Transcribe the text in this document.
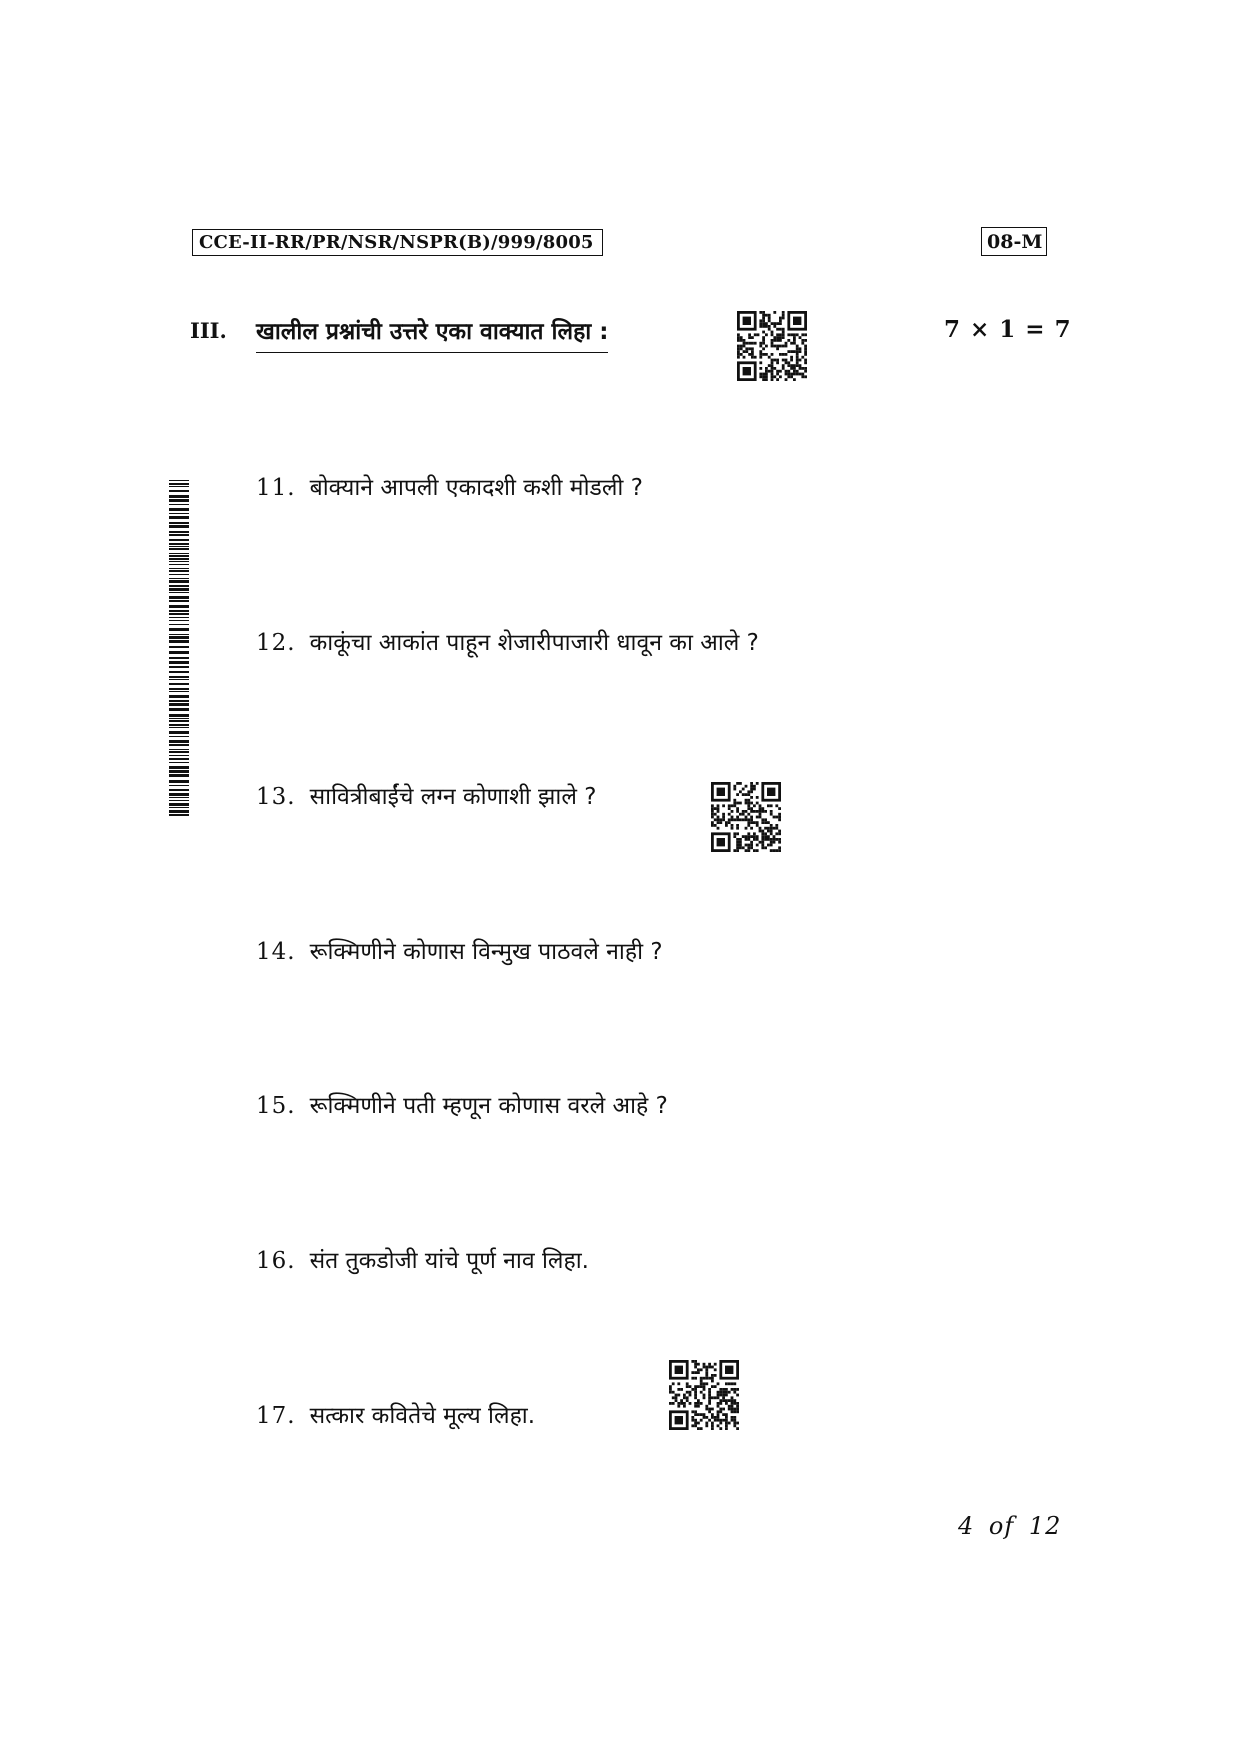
CCE-II-RR/PR/NSR/NSPR(B)/999/8005	08-M
III. खालील प्रश्नांची उत्तरे एका वाक्यात लिहा :	7 × 1 = 7
11. बोक्याने आपली एकादशी कशी मोडली ?
12. काकूंचा आकांत पाहून शेजारीपाजारी धावून का आले ?
13. सावित्रीबाईंचे लग्न कोणाशी झाले ?
14. रूक्मिणीने कोणास विन्मुख पाठवले नाही ?
15. रूक्मिणीने पती म्हणून कोणास वरले आहे ?
16. संत तुकडोजी यांचे पूर्ण नाव लिहा.
17. सत्कार कवितेचे मूल्य लिहा.
4 of 12
